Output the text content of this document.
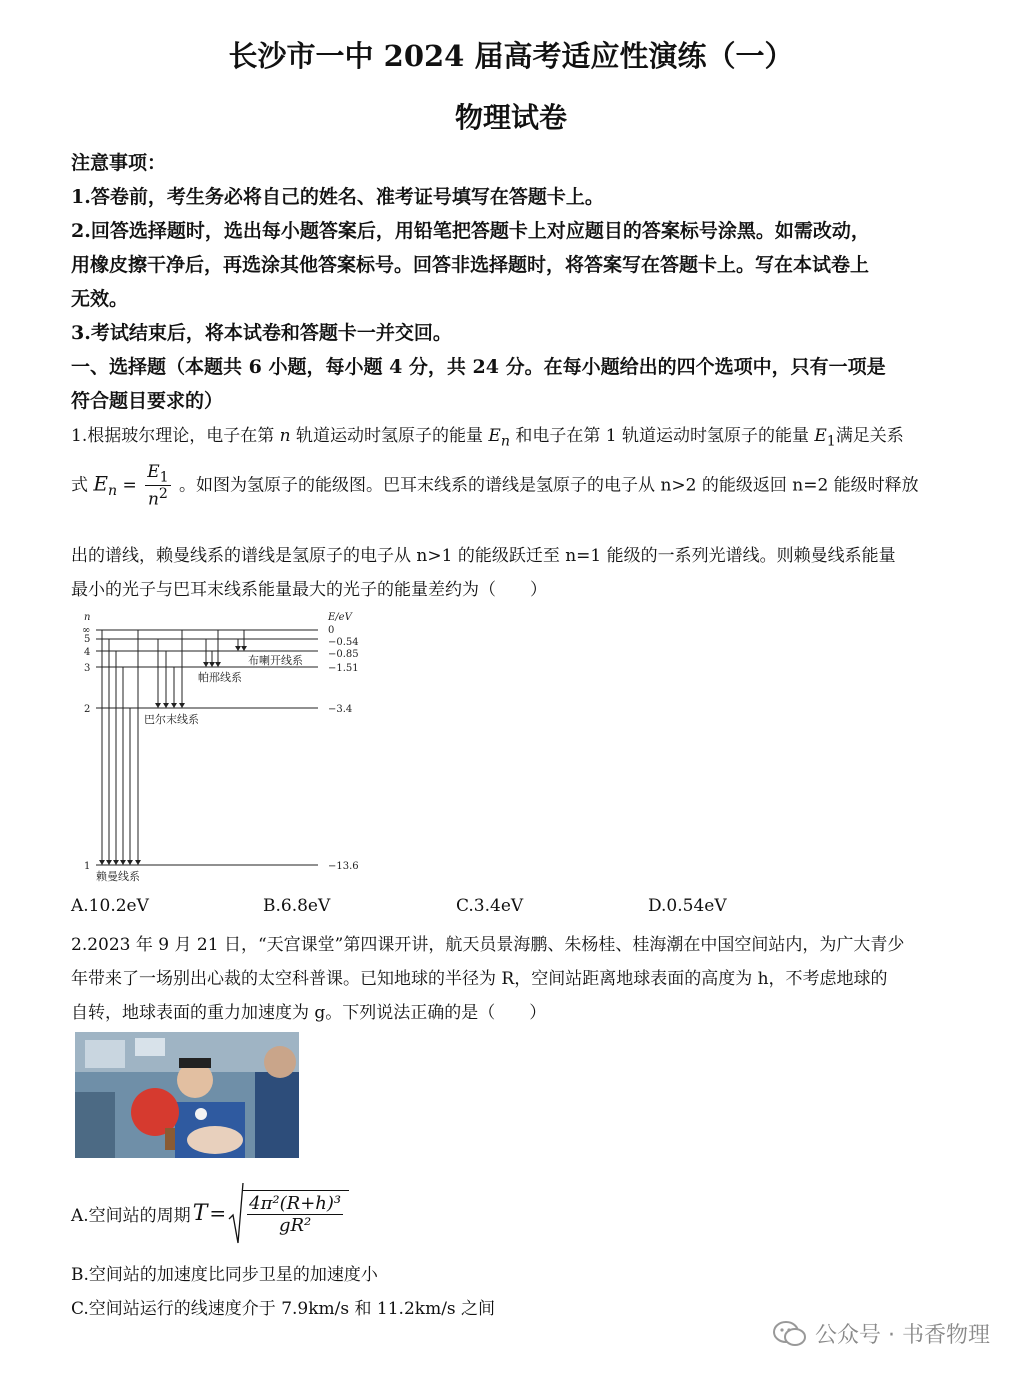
长沙市一中 2024 届高考适应性演练（一）
物理试卷
注意事项：
1.答卷前，考生务必将自己的姓名、准考证号填写在答题卡上。
2.回答选择题时，选出每小题答案后，用铅笔把答题卡上对应题目的答案标号涂黑。如需改动，
用橡皮擦干净后，再选涂其他答案标号。回答非选择题时，将答案写在答题卡上。写在本试卷上
无效。
3.考试结束后，将本试卷和答题卡一并交回。
一、选择题（本题共 6 小题，每小题 4 分，共 24 分。在每小题给出的四个选项中，只有一项是
符合题目要求的）
1.根据玻尔理论，电子在第 n 轨道运动时氢原子的能量 $E_n$ 和电子在第 1 轨道运动时氢原子的能量 $E_1$满足关系
式 $E_n = \frac{E_1}{n^2}$ 。如图为氢原子的能级图。巴耳末线系的谱线是氢原子的电子从 n>2 的能级返回 n=2 能级时释放
出的谱线，赖曼线系的谱线是氢原子的电子从 n>1 的能级跃迁至 n=1 能级的一系列光谱线。则赖曼线系能量
最小的光子与巴耳末线系能量最大的光子的能量差约为（　　）
n	E/eV
∞
5
4
3
2
1
0
−0.54
−0.85
−1.51
−3.4
−13.6
布喇开线系
帕邢线系
巴尔末线系
赖曼线系
A.10.2eV	B.6.8eV	C.3.4eV	D.0.54eV
2.2023 年 9 月 21 日，“天宫课堂”第四课开讲，航天员景海鹏、朱杨桂、桂海潮在中国空间站内，为广大青少
年带来了一场别出心裁的太空科普课。已知地球的半径为 R，空间站距离地球表面的高度为 h，不考虑地球的
自转，地球表面的重力加速度为 g。下列说法正确的是（　　）
A.空间站的周期 $T = \frac{\text{4π²(R+h)³}}{\text{gR²}}$
B.空间站的加速度比同步卫星的加速度小
C.空间站运行的线速度介于 7.9km/s 和 11.2km/s 之间
公众号 · 书香物理
